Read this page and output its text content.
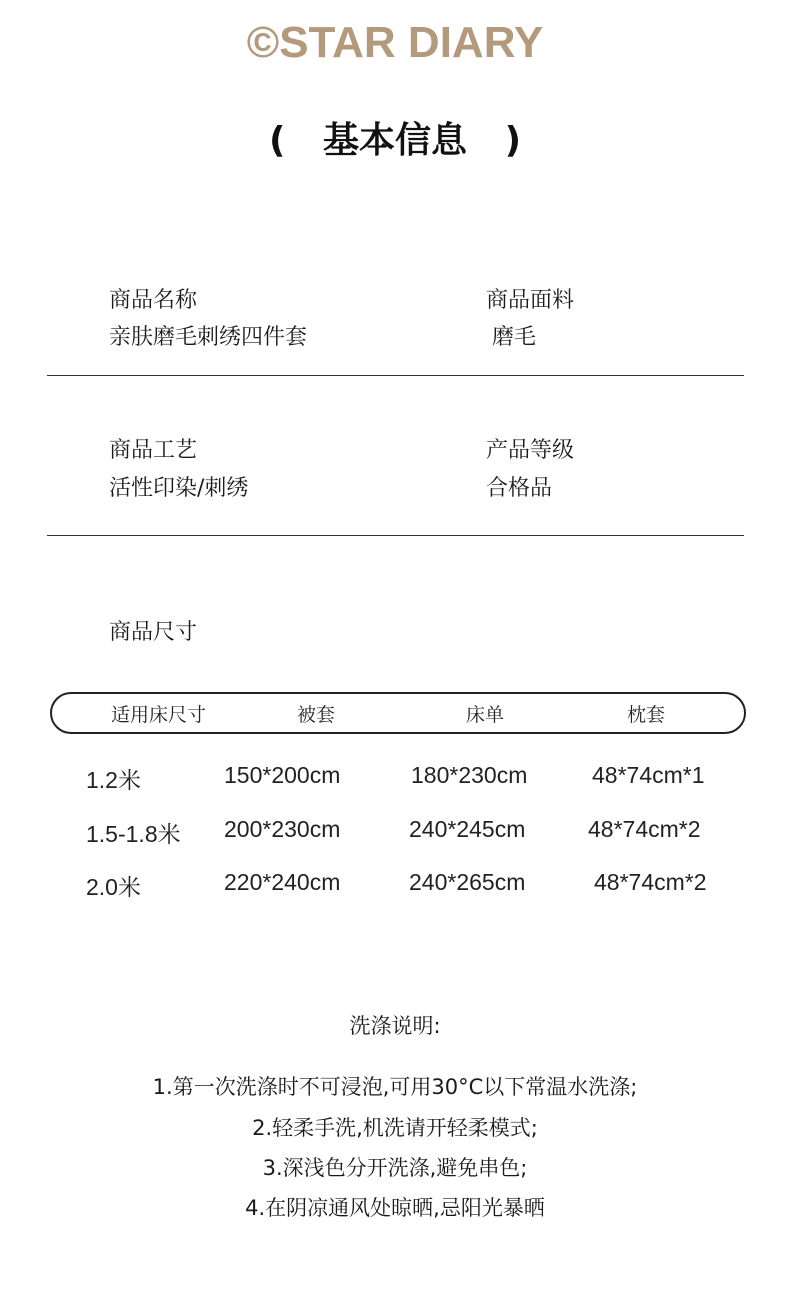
©STAR DIARY
(   基本信息   )
商品名称
亲肤磨毛刺绣四件套
商品面料
磨毛
商品工艺
活性印染/刺绣
产品等级
合格品
商品尺寸
适用床尺寸	被套	床单	枕套
1.2米	150*200cm	180*230cm	48*74cm*1
1.5-1.8米 200*230cm	240*245cm	48*74cm*2
2.0米	220*240cm	240*265cm	48*74cm*2
洗涤说明:
1.第一次洗涤时不可浸泡,可用30°C以下常温水洗涤;
2.轻柔手洗,机洗请开轻柔模式;
3.深浅色分开洗涤,避免串色;
4.在阴凉通风处晾晒,忌阳光暴晒
